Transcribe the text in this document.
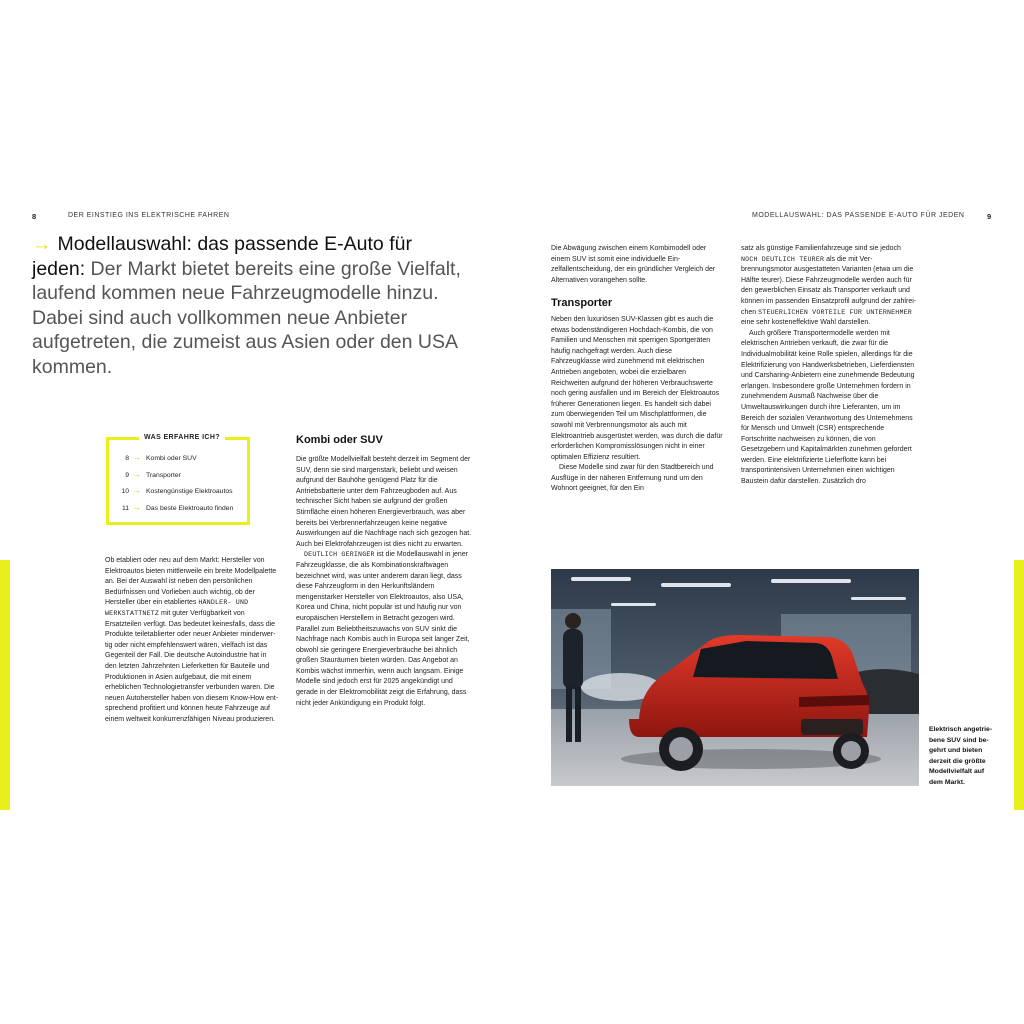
8	DER EINSTIEG INS ELEKTRISCHE FAHREN	MODELLAUSWAHL: DAS PASSENDE E-AUTO FÜR JEDEN	9
→ Modellauswahl: das passende E-Auto für jeden: Der Markt bietet bereits eine große Vielfalt, laufend kommen neue Fahrzeugmodelle hinzu. Dabei sind auch vollkommen neue Anbieter aufgetreten, die zumeist aus Asien oder den USA kommen.
WAS ERFAHRE ICH?
8 → Kombi oder SUV
9 → Transporter
10 → Kostengünstige Elektroautos
11 → Das beste Elektroauto finden

Ob etabliert oder neu auf dem Markt: Hersteller von Elektroautos bieten mittlerweile ein breite Modellpalette an. Bei der Auswahl ist neben den persönlichen Bedürfnissen und Vorlieben auch wichtig, ob der Hersteller über ein etabliertes HÄNDLER- UND WERKSTATTNETZ mit guter Verfügbarkeit von Ersatzteilen verfügt. Das bedeutet keinesfalls, dass die Produkte teiletablierter oder neuer Anbieter minderwertig oder nicht empfehlenswert wären, vielfach ist das Gegenteil der Fall. Die deutsche Autoindustrie hat in den letzten Jahrzehnten Lieferketten für Bauteile und Produktionen in Asien aufgebaut, die mit einem erheblichen Technologietransfer verbunden waren. Die neuen Autohersteller haben von diesem Know-How entsprechend profitiert und können heute Fahrzeuge auf einem weltweit konkurrenzfähigen Niveau produzieren.

Kombi oder SUV

Die größte Modellvielfalt besteht derzeit im Segment der SUV, denn sie sind margenstark, beliebt und weisen aufgrund der Bauhöhe genügend Platz für die Antriebsbatterie unter dem Fahrzeugboden auf. Aus technischer Sicht haben sie aufgrund der großen Stirnfläche einen höheren Energieverbrauch, was aber bereits bei Verbrennerfahrzeugen keine negative Auswirkungen auf die Nachfrage nach sich gezogen hat. Auch bei Elektrofahrzeugen ist dies nicht zu erwarten.

DEUTLICH GERINGER ist die Modellauswahl in jener Fahrzeugklasse, die als Kombinationskraftwagen bezeichnet wird, was unter anderem daran liegt, dass diese Fahrzeugform in den Herkunftsländern mengenstarker Hersteller von Elektroautos, also USA, Korea und China, nicht populär ist und häufig nur von europäischen Herstellern in Betracht gezogen wird. Parallel zum Beliebtheitszuwachs von SUV sinkt die Nachfrage nach Kombis auch in Europa seit langer Zeit, obwohl sie geringere Energieverbräuche bei ähnlich großen Stauräumen bieten würden. Das Angebot an Kombis wächst immerhin, wenn auch langsam. Einige Modelle sind jedoch erst für 2025 angekündigt und gerade in der Elektromobilität zeigt die Erfahrung, dass nicht jeder Ankündigung ein Produkt folgt.

Die Abwägung zwischen einem Kombimodell oder einem SUV ist somit eine individuelle Einzelfallentscheidung, der ein gründlicher Vergleich der Alternativen vorangehen sollte.

Transporter

Neben den luxuriösen SUV-Klassen gibt es auch die etwas bodenständigeren Hochdach-Kombis, die von Familien und Menschen mit sperrigen Sportgeräten häufig nachgefragt werden. Auch diese Fahrzeugklasse wird zunehmend mit elektrischen Antrieben angeboten, wobei die erzielbaren Reichweiten aufgrund der höheren Verbrauchswerte noch gering ausfallen und im Bereich der Elektroautos früherer Generationen liegen. Es handelt sich dabei zum überwiegenden Teil um Mischplattformen, die sowohl mit Verbrennungsmotor als auch mit Elektroantrieb ausgerüstet werden, was durch die dafür erforderlichen Kompromisslösungen nicht in einer optimalen Effizienz resultiert.

Diese Modelle sind zwar für den Stadtbereich und Ausflüge in der näheren Entfernung rund um den Wohnort geeignet, für den Ein

satz als günstige Familienfahrzeuge sind sie jedoch NOCH DEUTLICH TEURER als die mit Verbrennungsmotor ausgestatteten Varianten (etwa um die Hälfte teurer). Diese Fahrzeugmodelle werden auch für den gewerblichen Einsatz als Transporter verkauft und können im passenden Einsatzprofil aufgrund der zahlreichen STEUERLICHEN VORTEILE FÜR UNTERNEHMER eine sehr kosteneffektive Wahl darstellen.

Auch größere Transportermodelle werden mit elektrischen Antrieben verkauft, die zwar für die Individualmobilität keine Rolle spielen, allerdings für die Elektrifizierung von Handwerksbetrieben, Lieferdiensten und Carsharing-Anbietern eine zunehmende Bedeutung erlangen. Insbesondere große Unternehmen fordern in zunehmendem Ausmaß Nachweise über die Umweltauswirkungen durch ihre Lieferanten, um im Bereich der sozialen Verantwortung des Unternehmens für Mensch und Umwelt (CSR) entsprechende Fortschritte nachweisen zu können, die von Gesetzgebern und Kapitalmärkten zunehmen gefordert werden. Eine elektrifizierte Lieferflotte kann bei transportintensiven Unternehmen einen wichtigen Baustein dafür darstellen. Zusätzlich dro

Elektrisch angetriebene SUV sind begehrt und bieten derzeit die größte Modellvielfalt auf dem Markt.
